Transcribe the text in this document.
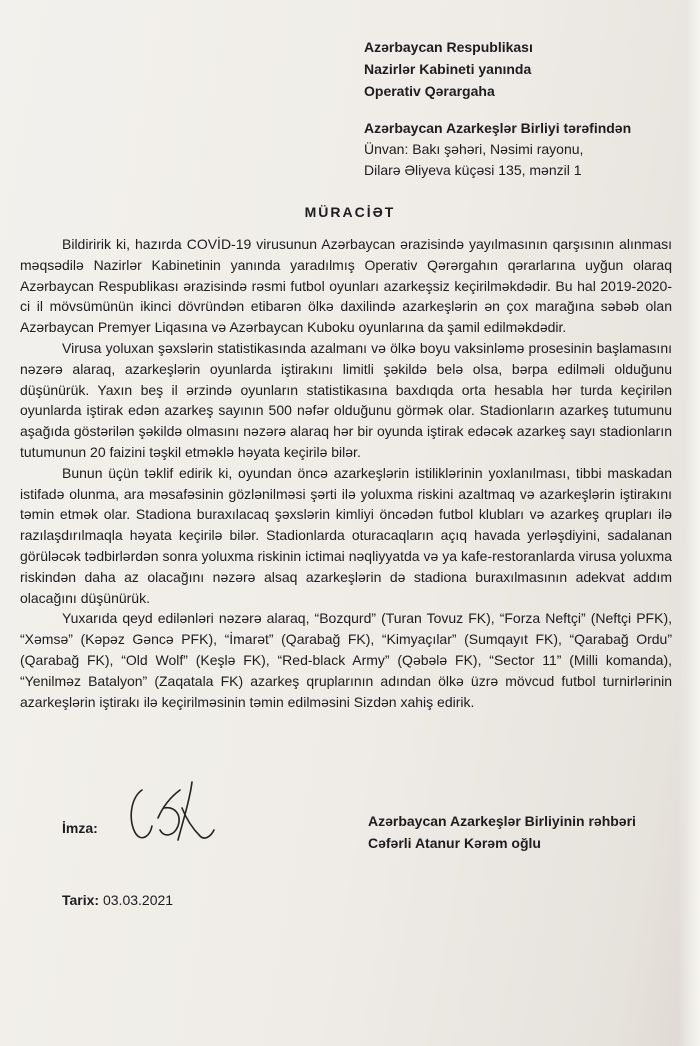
Azərbaycan Respublikası
Nazirlər Kabineti yanında
Operativ Qərargaha
Azərbaycan Azarkeşlər Birliyi tərəfindən
Ünvan: Bakı şəhəri, Nəsimi rayonu,
Dilarə Əliyeva küçəsi 135, mənzil 1
MÜRACİƏT

Bildiririk ki, hazırda COVİD-19 virusunun Azərbaycan ərazisində yayılmasının qarşısının alınması məqsədilə Nazirlər Kabinetinin yanında yaradılmış Operativ Qərərgahın qərarlarına uyğun olaraq Azərbaycan Respublikası ərazisində rəsmi futbol oyunları azarkeşsiz keçirilməkdədir. Bu hal 2019-2020-ci il mövsümünün ikinci dövründən etibarən ölkə daxilində azarkeşlərin ən çox marağına səbəb olan Azərbaycan Premyer Liqasına və Azərbaycan Kuboku oyunlarına da şamil edilməkdədir.

Virusa yoluxan şəxslərin statistikasında azalmanı və ölkə boyu vaksinləmə prosesinin başlamasını nəzərə alaraq, azarkeşlərin oyunlarda iştirakını limitli şəkildə belə olsa, bərpa edilməli olduğunu düşünürük. Yaxın beş il ərzində oyunların statistikasına baxdıqda orta hesabla hər turda keçirilən oyunlarda iştirak edən azarkeş sayının 500 nəfər olduğunu görmək olar. Stadionların azarkeş tutumunu aşağıda göstərilən şəkildə olmasını nəzərə alaraq hər bir oyunda iştirak edəcək azarkeş sayı stadionların tutumunun 20 faizini təşkil etməklə həyata keçirilə bilər.

Bunun üçün təklif edirik ki, oyundan öncə azarkeşlərin istiliklərinin yoxlanılması, tibbi maskadan istifadə olunma, ara məsafəsinin gözlənilməsi şərti ilə yoluxma riskini azaltmaq və azarkeşlərin iştirakını təmin etmək olar. Stadiona buraxılacaq şəxslərin kimliyi öncədən futbol klubları və azarkeş qrupları ilə razılaşdırılmaqla həyata keçirilə bilər. Stadionlarda oturacaqların açıq havada yerləşdiyini, sadalanan görüləcək tədbirlərdən sonra yoluxma riskinin ictimai nəqliyyatda və ya kafe-restoranlarda virusa yoluxma riskindən daha az olacağını nəzərə alsaq azarkeşlərin də stadiona buraxılmasının adekvat addım olacağını düşünürük.

Yuxarıda qeyd edilənləri nəzərə alaraq, “Bozqurd” (Turan Tovuz FK), “Forza Neftçi” (Neftçi PFK), “Xəmsə” (Kəpəz Gəncə PFK), “İmarət” (Qarabağ FK), “Kimyaçılar” (Sumqayıt FK), “Qarabağ Ordu” (Qarabağ FK), “Old Wolf” (Keşlə FK), “Red-black Army” (Qəbələ FK), “Sector 11” (Milli komanda), “Yenilməz Batalyon” (Zaqatala FK) azarkeş qruplarının adından ölkə üzrə mövcud futbol turnirlərinin azarkeşlərin iştirakı ilə keçirilməsinin təmin edilməsini Sizdən xahiş edirik.

İmza:	Azərbaycan Azarkeşlər Birliyinin rəhbəri
Cəfərli Atanur Kərəm oğlu
Tarix: 03.03.2021
